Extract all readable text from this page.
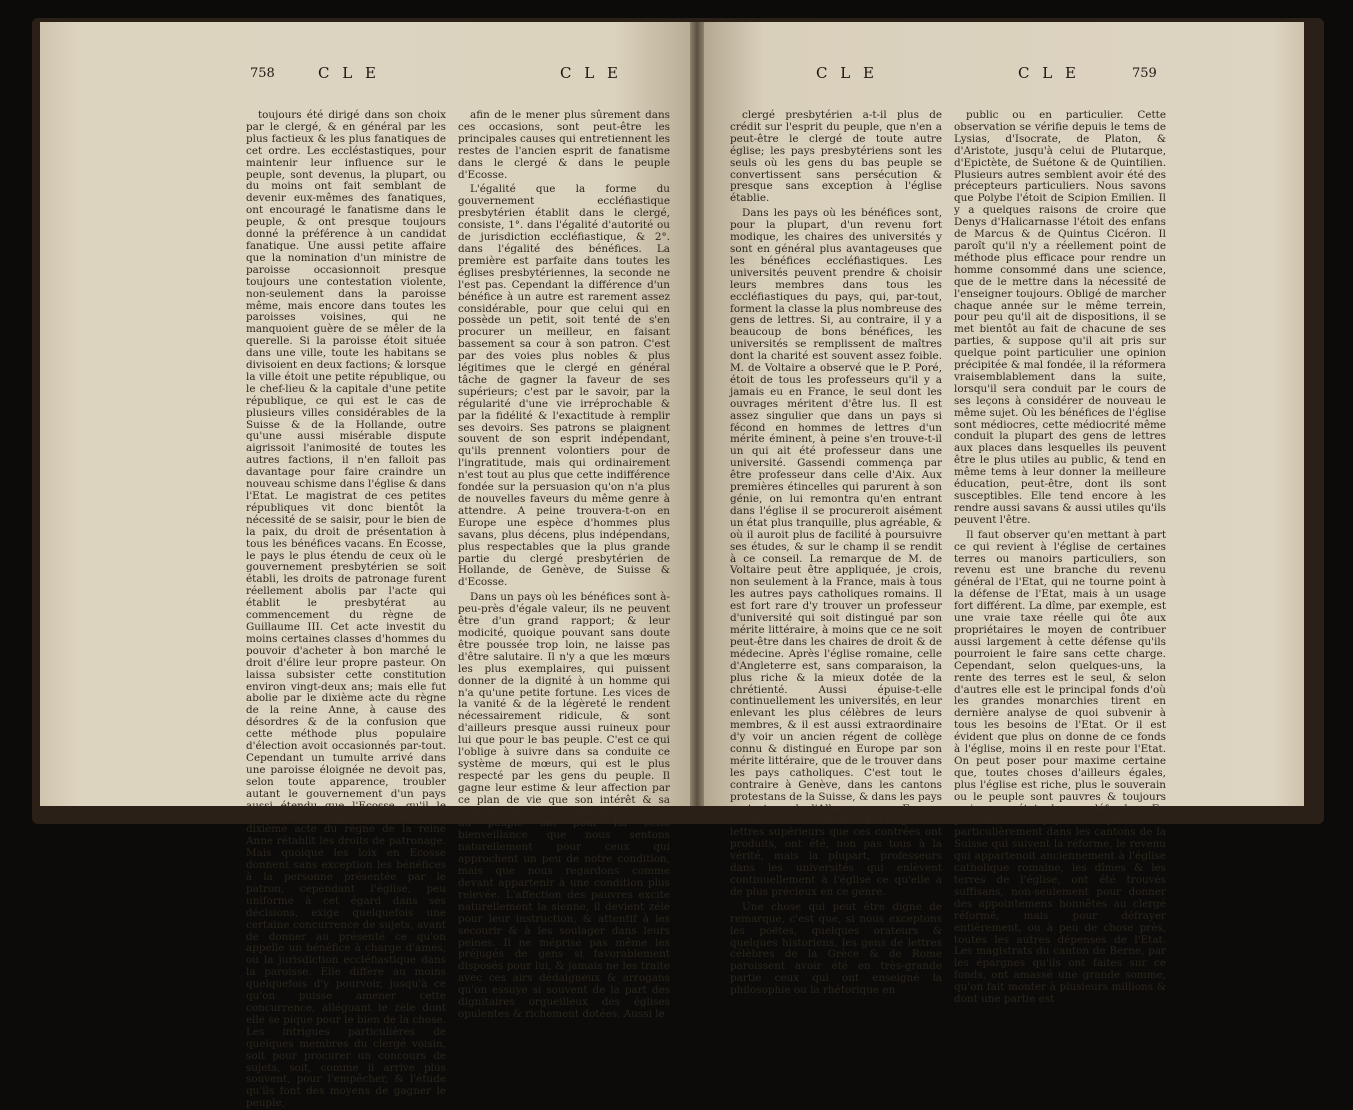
758	C L E	C L E

toujours été dirigé dans son choix par le clergé, & en général par les plus factieux & les plus fanatiques de cet ordre. Les eccléstastiques, pour maintenir leur influence sur le peuple, sont devenus, la plupart, ou du moins ont fait semblant de devenir eux-mêmes des fanatiques, ont encouragé le fanatisme dans le peuple, & ont presque toujours donné la préférence à un candidat fanatique. Une aussi petite affaire que la nomination d'un ministre de paroisse occasionnoit presque toujours une contestation violente, non-seulement dans la paroisse même, mais encore dans toutes les paroisses voisines, qui ne manquoient guère de se mêler de la querelle. Si la paroisse étoit située dans une ville, toute les habitans se divisoient en deux factions; & lorsque la ville étoit une petite république, ou le chef-lieu & la capitale d'une petite république, ce qui est le cas de plusieurs villes considérables de la Suisse & de la Hollande, outre qu'une aussi misérable dispute aigrissoit l'animosité de toutes les autres factions, il n'en falloit pas davantage pour faire craindre un nouveau schisme dans l'église & dans l'Etat. Le magistrat de ces petites républiques vit donc bientôt la nécessité de se saisir, pour le bien de la paix, du droit de présentation à tous les bénéfices vacans. En Ecosse, le pays le plus étendu de ceux où le gouvernement presbytérien se soit établi, les droits de patronage furent réellement abolis par l'acte qui établit le presbytérat au commencement du règne de Guillaume III. Cet acte investit du moins certaines classes d'hommes du pouvoir d'acheter à bon marché le droit d'élire leur propre pasteur. On laissa subsister cette constitution environ vingt-deux ans; mais elle fut abolie par le dixième acte du règne de la reine Anne, à cause des désordres & de la confusion que cette méthode plus populaire d'élection avoit occasionnés par-tout. Cependant un tumulte arrivé dans une paroisse éloignée ne devoit pas, selon toute apparence, troubler autant le gouvernement d'un pays aussi étendu que l'Ecosse, qu'il le faisoit dans un pays plus borné. Le dixième acte du règne de la reine Anne rétablit les droits de patronage. Mais quoique les loix en Ecosse donnent sans exception les bénéfices à la personne présentée par le patron, cependant l'église, peu uniforme à cet égard dans ses décisions, exige quelquefois une certaine concurrence de sujets, avant de donner au présenté ce qu'on appelle un bénéfice à charge d'ames, ou la jurisdiction eccléfiastique dans la paroisse. Elle diffère au moins quelquefois d'y pourvoir, jusqu'à ce qu'on puisse amener cette concurrence, alléguant le zèle dont elle se pique pour le bien de la chose. Les intrigues particulières de quelques membres du clergé voisin, soit pour procurer un concours de sujets, soit, comme il arrive plus souvent, pour l'empêcher, & l'étude qu'ils font des moyens de gagner le peuple,

afin de le mener plus sûrement dans ces occasions, sont peut-être les principales causes qui entretiennent les restes de l'ancien esprit de fanatisme dans le clergé & dans le peuple d'Ecosse.

L'égalité que la forme du gouvernement eccléfiastique presbytérien établit dans le clergé, consiste, 1°. dans l'égalité d'autorité ou de jurisdiction eccléfiastique, & 2°. dans l'égalité des bénéfices. La première est parfaite dans toutes les églises presbytériennes, la seconde ne l'est pas. Cependant la différence d'un bénéfice à un autre est rarement assez considérable, pour que celui qui en possède un petit, soit tenté de s'en procurer un meilleur, en faisant bassement sa cour à son patron. C'est par des voies plus nobles & plus légitimes que le clergé en général tâche de gagner la faveur de ses supérieurs; c'est par le savoir, par la régularité d'une vie irréprochable & par la fidélité & l'exactitude à remplir ses devoirs. Ses patrons se plaignent souvent de son esprit indépendant, qu'ils prennent volontiers pour de l'ingratitude, mais qui ordinairement n'est tout au plus que cette indifférence fondée sur la persuasion qu'on n'a plus de nouvelles faveurs du même genre à attendre. A peine trouvera-t-on en Europe une espèce d'hommes plus savans, plus décens, plus indépendans, plus respectables que la plus grande partie du clergé presbytérien de Hollande, de Genève, de Suisse & d'Ecosse.

Dans un pays où les bénéfices sont à-peu-près d'égale valeur, ils ne peuvent être d'un grand rapport; & leur modicité, quoique pouvant sans doute être poussée trop loin, ne laisse pas d'être salutaire. Il n'y a que les mœurs les plus exemplaires, qui puissent donner de la dignité à un homme qui n'a qu'une petite fortune. Les vices de la vanité & de la légèreté le rendent nécessairement ridicule, & sont d'ailleurs presque aussi ruineux pour lui que pour le bas peuple. C'est ce qui l'oblige à suivre dans sa conduite ce système de mœurs, qui est le plus respecté par les gens du peuple. Il gagne leur estime & leur affection par ce plan de vie que son intérêt & sa situation lui conseilleroient. Les gens du peuple ont pour lui cette bienveillance que nous sentons naturellement pour ceux qui approchent un peu de notre condition, mais que nous regardons comme devant appartenir à une condition plus relevée. L'affection des pauvres excite naturellement la sienne, il devient zélé pour leur instruction, & attentif à les secourir & à les soulager dans leurs peines. Il ne méprise pas même les préjugés de gens si favorablement disposés pour lui, & jamais ne les traite avec ces airs dédaigneux & arrogans qu'on essuye si souvent de la part des dignitaires orgueilleux des églises opulentes & richement dotées. Aussi le

C L E	C L E	759

clergé presbytérien a-t-il plus de crédit sur l'esprit du peuple, que n'en a peut-être le clergé de toute autre église; les pays presbytériens sont les seuls où les gens du bas peuple se convertissent sans persécution & presque sans exception à l'église établie.

Dans les pays où les bénéfices sont, pour la plupart, d'un revenu fort modique, les chaires des universités y sont en général plus avantageuses que les bénéfices eccléfiastiques. Les universités peuvent prendre & choisir leurs membres dans tous les eccléfiastiques du pays, qui, par-tout, forment la classe la plus nombreuse des gens de lettres. Si, au contraire, il y a beaucoup de bons bénéfices, les universités se remplissent de maîtres dont la charité est souvent assez foible. M. de Voltaire a observé que le P. Poré, étoit de tous les professeurs qu'il y a jamais eu en France, le seul dont les ouvrages méritent d'être lus. Il est assez singulier que dans un pays si fécond en hommes de lettres d'un mérite éminent, à peine s'en trouve-t-il un qui ait été professeur dans une université. Gassendi commença par être professeur dans celle d'Aix. Aux premières étincelles qui parurent à son génie, on lui remontra qu'en entrant dans l'église il se procureroit aisément un état plus tranquille, plus agréable, & où il auroit plus de facilité à poursuivre ses études, & sur le champ il se rendit à ce conseil. La remarque de M. de Voltaire peut être appliquée, je crois, non seulement à la France, mais à tous les autres pays catholiques romains. Il est fort rare d'y trouver un professeur d'université qui soit distingué par son mérite littéraire, à moins que ce ne soit peut-être dans les chaires de droit & de médecine. Après l'église romaine, celle d'Angleterre est, sans comparaison, la plus riche & la mieux dotée de la chrétienté. Aussi épuise-t-elle continuellement les universités, en leur enlevant les plus célèbres de leurs membres, & il est aussi extraordinaire d'y voir un ancien régent de collège connu & distingué en Europe par son mérite littéraire, que de le trouver dans les pays catholiques. C'est tout le contraire à Genève, dans les cantons protestans de la Suisse, & dans les pays protestans de l'Allemagne, en Ecosse, en Suède & en Danemarck. Les gens de lettres supérieurs que ces contrées ont produits, ont été, non pas tous à la vérité, mais la plupart, professeurs dans les universités qui enlèvent continuellement à l'église ce qu'elle a de plus précieux en ce genre.

Une chose qui peut être digne de remarque, c'est que, si nous exceptons les poëtes, quelques orateurs & quelques historiens, les gens de lettres célèbres de la Grèce & de Rome paroissent avoir été en très-grande partie ceux qui ont enseigné la philosophie ou la rhétorique en

public ou en particulier. Cette observation se vérifie depuis le tems de Lysias, d'Isocrate, de Platon, & d'Aristote, jusqu'à celui de Plutarque, d'Epictète, de Suétone & de Quintilien. Plusieurs autres semblent avoir été des précepteurs particuliers. Nous savons que Polybe l'étoit de Scipion Emilien. Il y a quelques raisons de croire que Denys d'Halicarnasse l'étoit des enfans de Marcus & de Quintus Cicéron. Il paroît qu'il n'y a réellement point de méthode plus efficace pour rendre un homme consommé dans une science, que de le mettre dans la nécessité de l'enseigner toujours. Obligé de marcher chaque année sur le même terrein, pour peu qu'il ait de dispositions, il se met bientôt au fait de chacune de ses parties, & suppose qu'il ait pris sur quelque point particulier une opinion précipitée & mal fondée, il la réformera vraisemblablement dans la suite, lorsqu'il sera conduit par le cours de ses leçons à considérer de nouveau le même sujet. Où les bénéfices de l'église sont médiocres, cette médiocrité même conduit la plupart des gens de lettres aux places dans lesquelles ils peuvent être le plus utiles au public, & tend en même tems à leur donner la meilleure éducation, peut-être, dont ils sont susceptibles. Elle tend encore à les rendre aussi savans & aussi utiles qu'ils peuvent l'être.

Il faut observer qu'en mettant à part ce qui revient à l'église de certaines terres ou manoirs particuliers, son revenu est une branche du revenu général de l'Etat, qui ne tourne point à la défense de l'Etat, mais à un usage fort différent. La dîme, par exemple, est une vraie taxe réelle qui ôte aux propriétaires le moyen de contribuer aussi largement à cette défense qu'ils pourroient le faire sans cette charge. Cependant, selon quelques-uns, la rente des terres est le seul, & selon d'autres elle est le principal fonds d'où les grandes monarchies tirent en dernière analyse de quoi subvenir à tous les besoins de l'Etat. Or il est évident que plus on donne de ce fonds à l'église, moins il en reste pour l'Etat. On peut poser pour maxime certaine que, toutes choses d'ailleurs égales, plus l'église est riche, plus le souverain ou le peuple sont pauvres & toujours moins en état de se défendre. En plusieurs pays protestans, particulièrement dans les cantons de la Suisse qui suivent la réforme, le revenu qui appartenoit anciennement à l'église catholique romaine, les dîmes & les terres de l'église, ont été trouvés suffisans, non-seulement pour donner des appointemens honnêtes au clergé réformé, mais pour défrayer entièrement, ou à peu de chose près, toutes les autres dépenses de l'Etat. Les magistrats du canton de Berne, par les épargnes qu'ils ont faites sur ce fonds, ont amassé une grande somme, qu'on fait monter à plusieurs millions & dont une partie est
